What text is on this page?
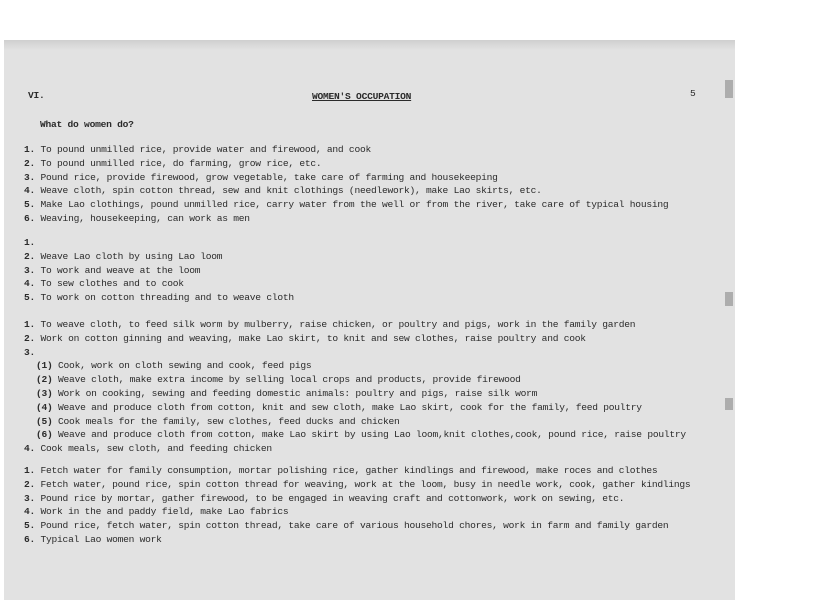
VI.	WOMEN'S OCCUPATION	5
What do women do?
1. To pound unmilled rice, provide water and firewood, and cook
2. To pound unmilled rice, do farming, grow rice, etc.
3. Pound rice, provide firewood, grow vegetable, take care of farming and housekeeping
4. Weave cloth, spin cotton thread, sew and knit clothings (needlework), make Lao skirts, etc.
5. Make Lao clothings, pound unmilled rice, carry water from the well or from the river, take care of typical housing
6. Weaving, housekeeping, can work as men
1.
2. Weave Lao cloth by using Lao loom
3. To work and weave at the loom
4. To sew clothes and to cook
5. To work on cotton threading and to weave cloth
1. To weave cloth, to feed silk worm by mulberry, raise chicken, or poultry and pigs, work in the family garden
2. Work on cotton ginning and weaving, make Lao skirt, to knit and sew clothes, raise poultry and cook
3.
(1) Cook, work on cloth sewing and cook, feed pigs
(2) Weave cloth, make extra income by selling local crops and products, provide firewood
(3) Work on cooking, sewing and feeding domestic animals: poultry and pigs, raise silk worm
(4) Weave and produce cloth from cotton, knit and sew cloth, make Lao skirt, cook for the family, feed poultry
(5) Cook meals for the family, sew clothes, feed ducks and chicken
(6) Weave and produce cloth from cotton, make Lao skirt by using Lao loom,knit clothes,cook, pound rice, raise poultry
4. Cook meals, sew cloth, and feeding chicken
1. Fetch water for family consumption, mortar polishing rice, gather kindlings and firewood, make roces and clothes
2. Fetch water, pound rice, spin cotton thread for weaving, work at the loom, busy in needle work, cook, gather kindlings
3. Pound rice by mortar, gather firewood, to be engaged in weaving craft and cottonwork, work on sewing, etc.
4. Work in the and paddy field, make Lao fabrics
5. Pound rice, fetch water, spin cotton thread, take care of various household chores, work in farm and family garden
6. Typical Lao women work
